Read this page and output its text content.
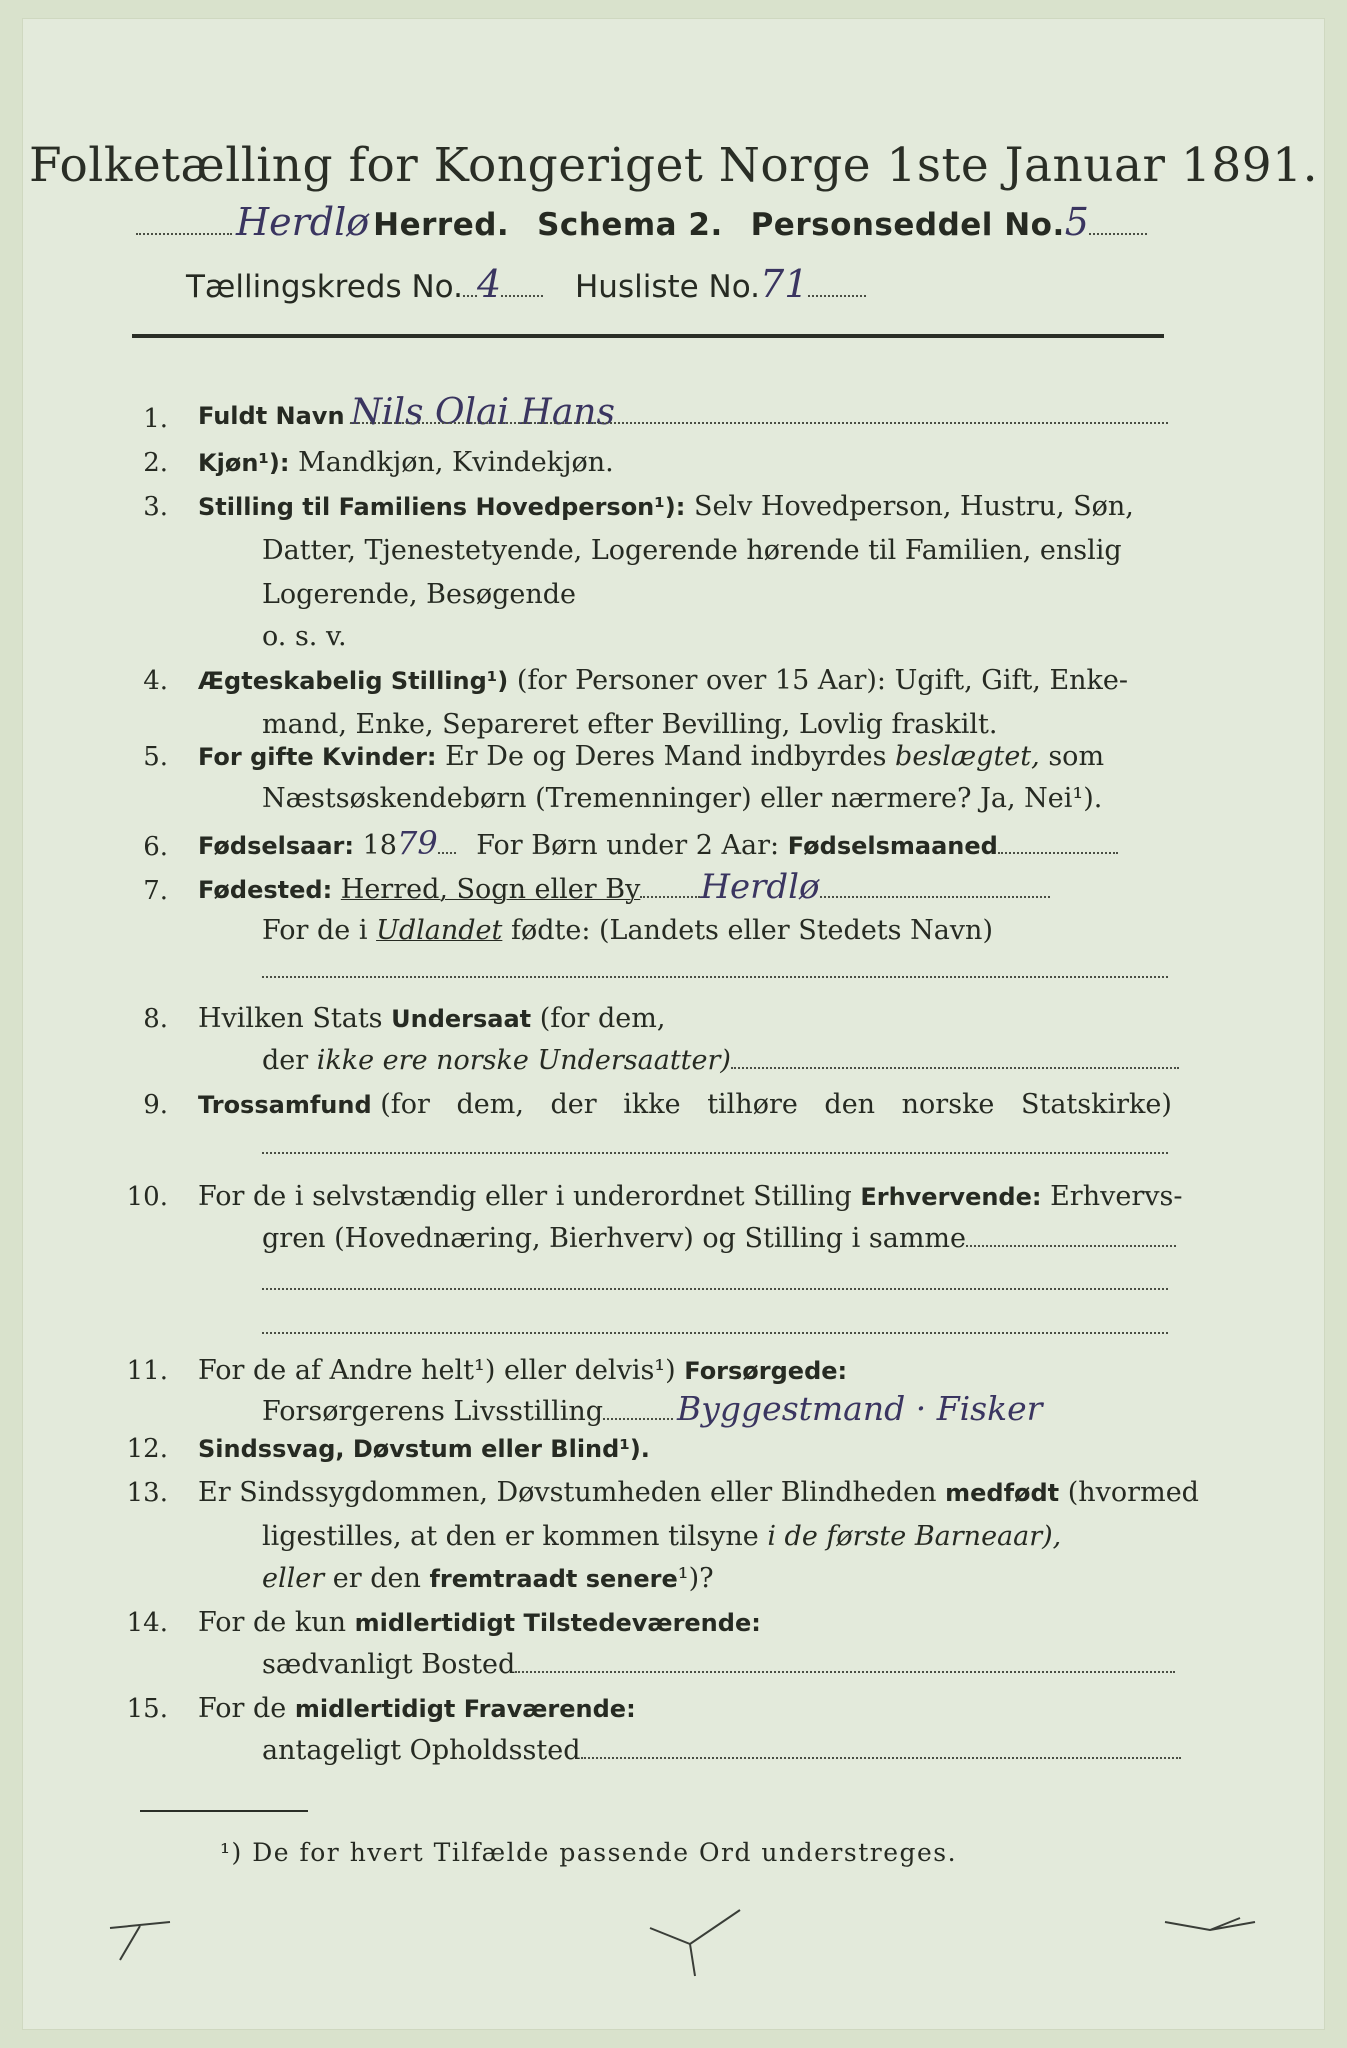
Folketælling for Kongeriget Norge 1ste Januar 1891.
Herdlø Herred. Schema 2. Personseddel No.5
Tællingskreds No. 4 Husliste No.71
1. Fuldt Navn Nils Olai Hans
2. Kjøn¹): Mandkjøn, Kvindekjøn.
3. Stilling til Familiens Hovedperson¹): Selv Hovedperson, Hustru, Søn,
Datter, Tjenestetyende, Logerende hørende til Familien, enslig
Logerende, Besøgende
o. s. v.
4. Ægteskabelig Stilling¹) (for Personer over 15 Aar): Ugift, Gift, Enke-
mand, Enke, Separeret efter Bevilling, Lovlig fraskilt.
5. For gifte Kvinder: Er De og Deres Mand indbyrdes beslægtet, som
Næstsøskendebørn (Tremenninger) eller nærmere? Ja, Nei¹).
6. Fødselsaar: 1879 For Børn under 2 Aar: Fødselsmaaned
7. Fødested: Herred, Sogn eller By Herdlø
For de i Udlandet fødte: (Landets eller Stedets Navn)
8. Hvilken Stats Undersaat (for dem,
der ikke ere norske Undersaatter)
9. Trossamfund (for dem, der ikke tilhøre den norske Statskirke)
10. For de i selvstændig eller i underordnet Stilling Erhvervende: Erhvervs-
gren (Hovednæring, Bierhverv) og Stilling i samme
11. For de af Andre helt¹) eller delvis¹) Forsørgede:
Forsørgerens Livsstilling Byggestmand · Fisker
12. Sindssvag, Døvstum eller Blind¹).
13. Er Sindssygdommen, Døvstumheden eller Blindheden medfødt (hvormed
ligestilles, at den er kommen tilsyne i de første Barneaar),
eller er den fremtraadt senere¹)?
14. For de kun midlertidigt Tilstedeværende:
sædvanligt Bosted
15. For de midlertidigt Fraværende:
antageligt Opholdssted
¹) De for hvert Tilfælde passende Ord understreges.
